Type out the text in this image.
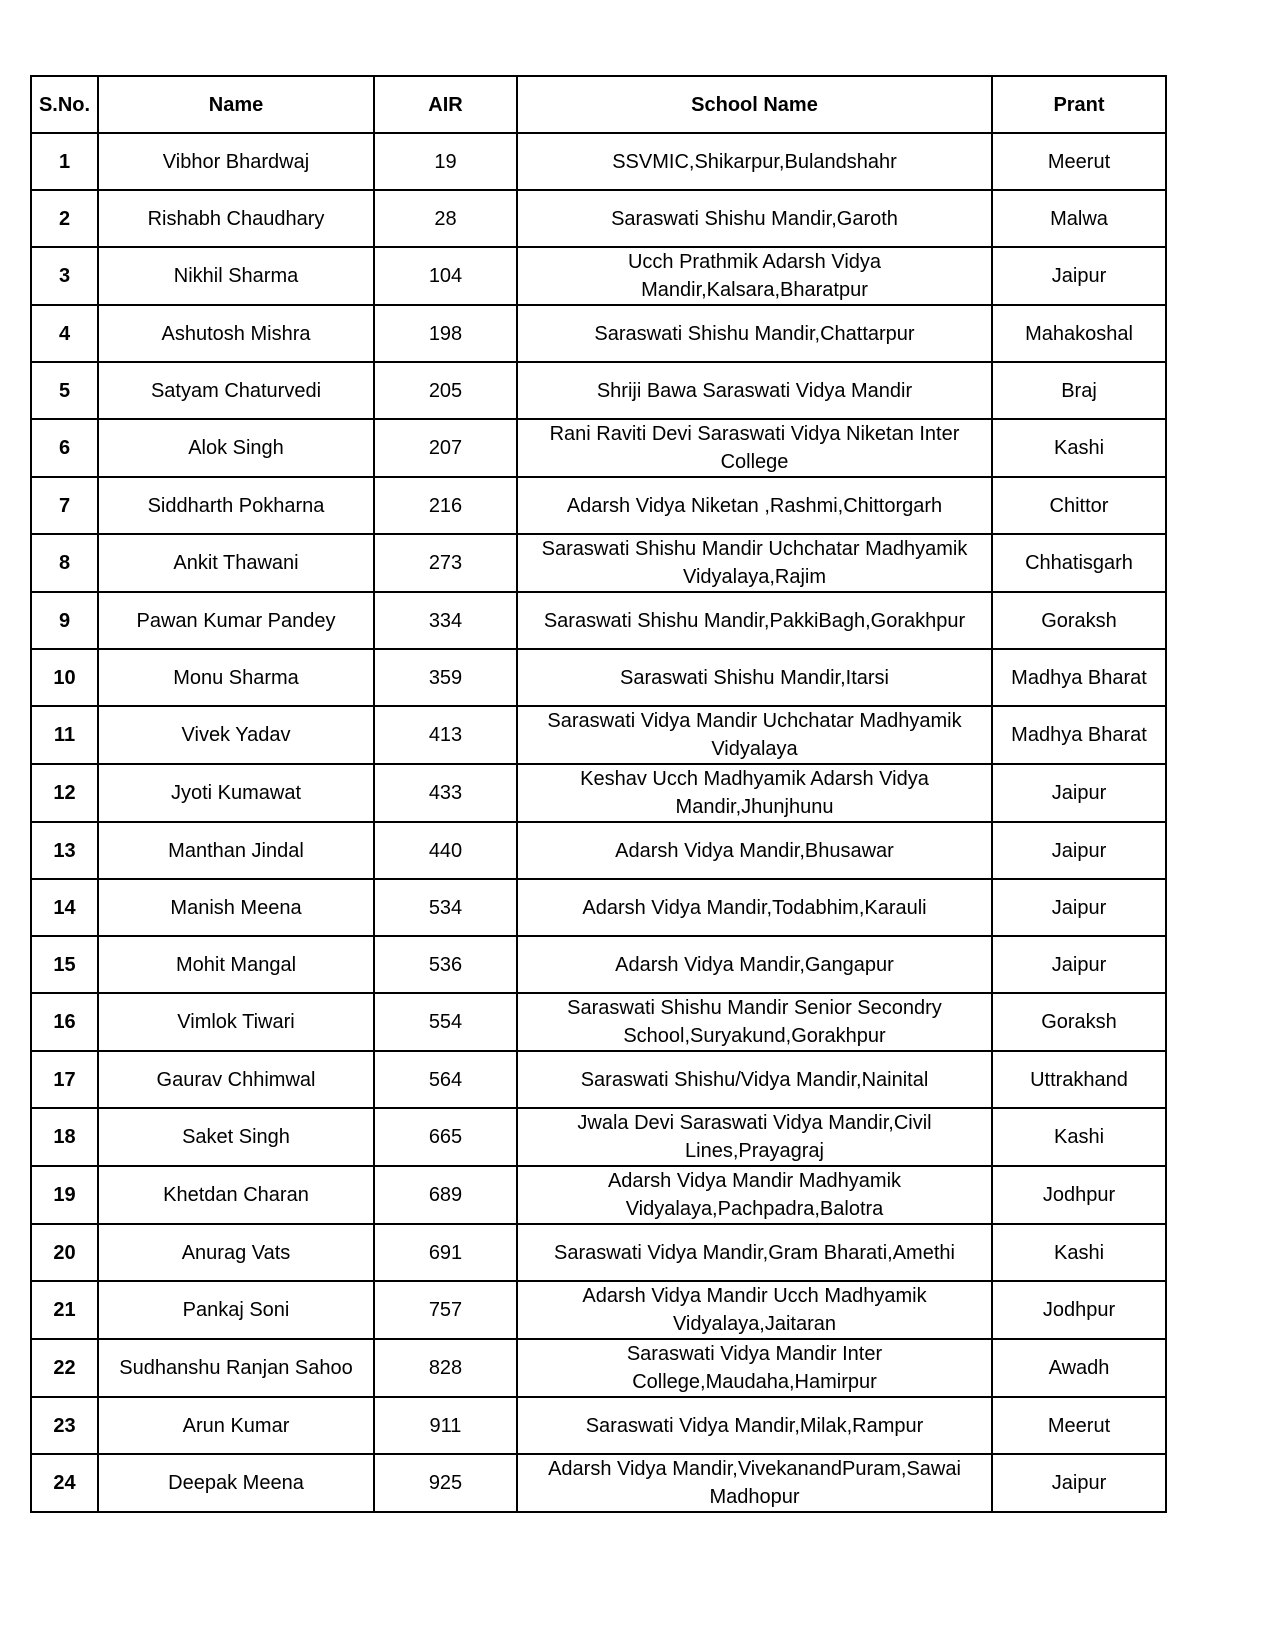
S.No.	Name	AIR	School Name	Prant
1	Vibhor Bhardwaj	19	SSVMIC,Shikarpur,Bulandshahr	Meerut
2	Rishabh Chaudhary	28	Saraswati Shishu Mandir,Garoth	Malwa
3	Nikhil Sharma	104	Ucch Prathmik Adarsh Vidya Mandir,Kalsara,Bharatpur	Jaipur
4	Ashutosh Mishra	198	Saraswati Shishu Mandir,Chattarpur	Mahakoshal
5	Satyam Chaturvedi	205	Shriji Bawa Saraswati Vidya Mandir	Braj
6	Alok Singh	207	Rani Raviti Devi Saraswati Vidya Niketan Inter College	Kashi
7	Siddharth Pokharna	216	Adarsh Vidya Niketan ,Rashmi,Chittorgarh	Chittor
8	Ankit Thawani	273	Saraswati Shishu Mandir Uchchatar Madhyamik Vidyalaya,Rajim	Chhatisgarh
9	Pawan Kumar Pandey	334	Saraswati Shishu Mandir,PakkiBagh,Gorakhpur	Goraksh
10	Monu Sharma	359	Saraswati Shishu Mandir,Itarsi	Madhya Bharat
11	Vivek Yadav	413	Saraswati Vidya Mandir Uchchatar Madhyamik Vidyalaya	Madhya Bharat
12	Jyoti Kumawat	433	Keshav Ucch Madhyamik Adarsh Vidya Mandir,Jhunjhunu	Jaipur
13	Manthan Jindal	440	Adarsh Vidya Mandir,Bhusawar	Jaipur
14	Manish Meena	534	Adarsh Vidya Mandir,Todabhim,Karauli	Jaipur
15	Mohit Mangal	536	Adarsh Vidya Mandir,Gangapur	Jaipur
16	Vimlok Tiwari	554	Saraswati Shishu Mandir Senior Secondry School,Suryakund,Gorakhpur	Goraksh
17	Gaurav Chhimwal	564	Saraswati Shishu/Vidya Mandir,Nainital	Uttrakhand
18	Saket Singh	665	Jwala Devi Saraswati Vidya Mandir,Civil Lines,Prayagraj	Kashi
19	Khetdan Charan	689	Adarsh Vidya Mandir Madhyamik Vidyalaya,Pachpadra,Balotra	Jodhpur
20	Anurag Vats	691	Saraswati Vidya Mandir,Gram Bharati,Amethi	Kashi
21	Pankaj Soni	757	Adarsh Vidya Mandir Ucch Madhyamik Vidyalaya,Jaitaran	Jodhpur
22	Sudhanshu Ranjan Sahoo	828	Saraswati Vidya Mandir Inter College,Maudaha,Hamirpur	Awadh
23	Arun Kumar	911	Saraswati Vidya Mandir,Milak,Rampur	Meerut
24	Deepak Meena	925	Adarsh Vidya Mandir,VivekanandPuram,Sawai Madhopur	Jaipur
